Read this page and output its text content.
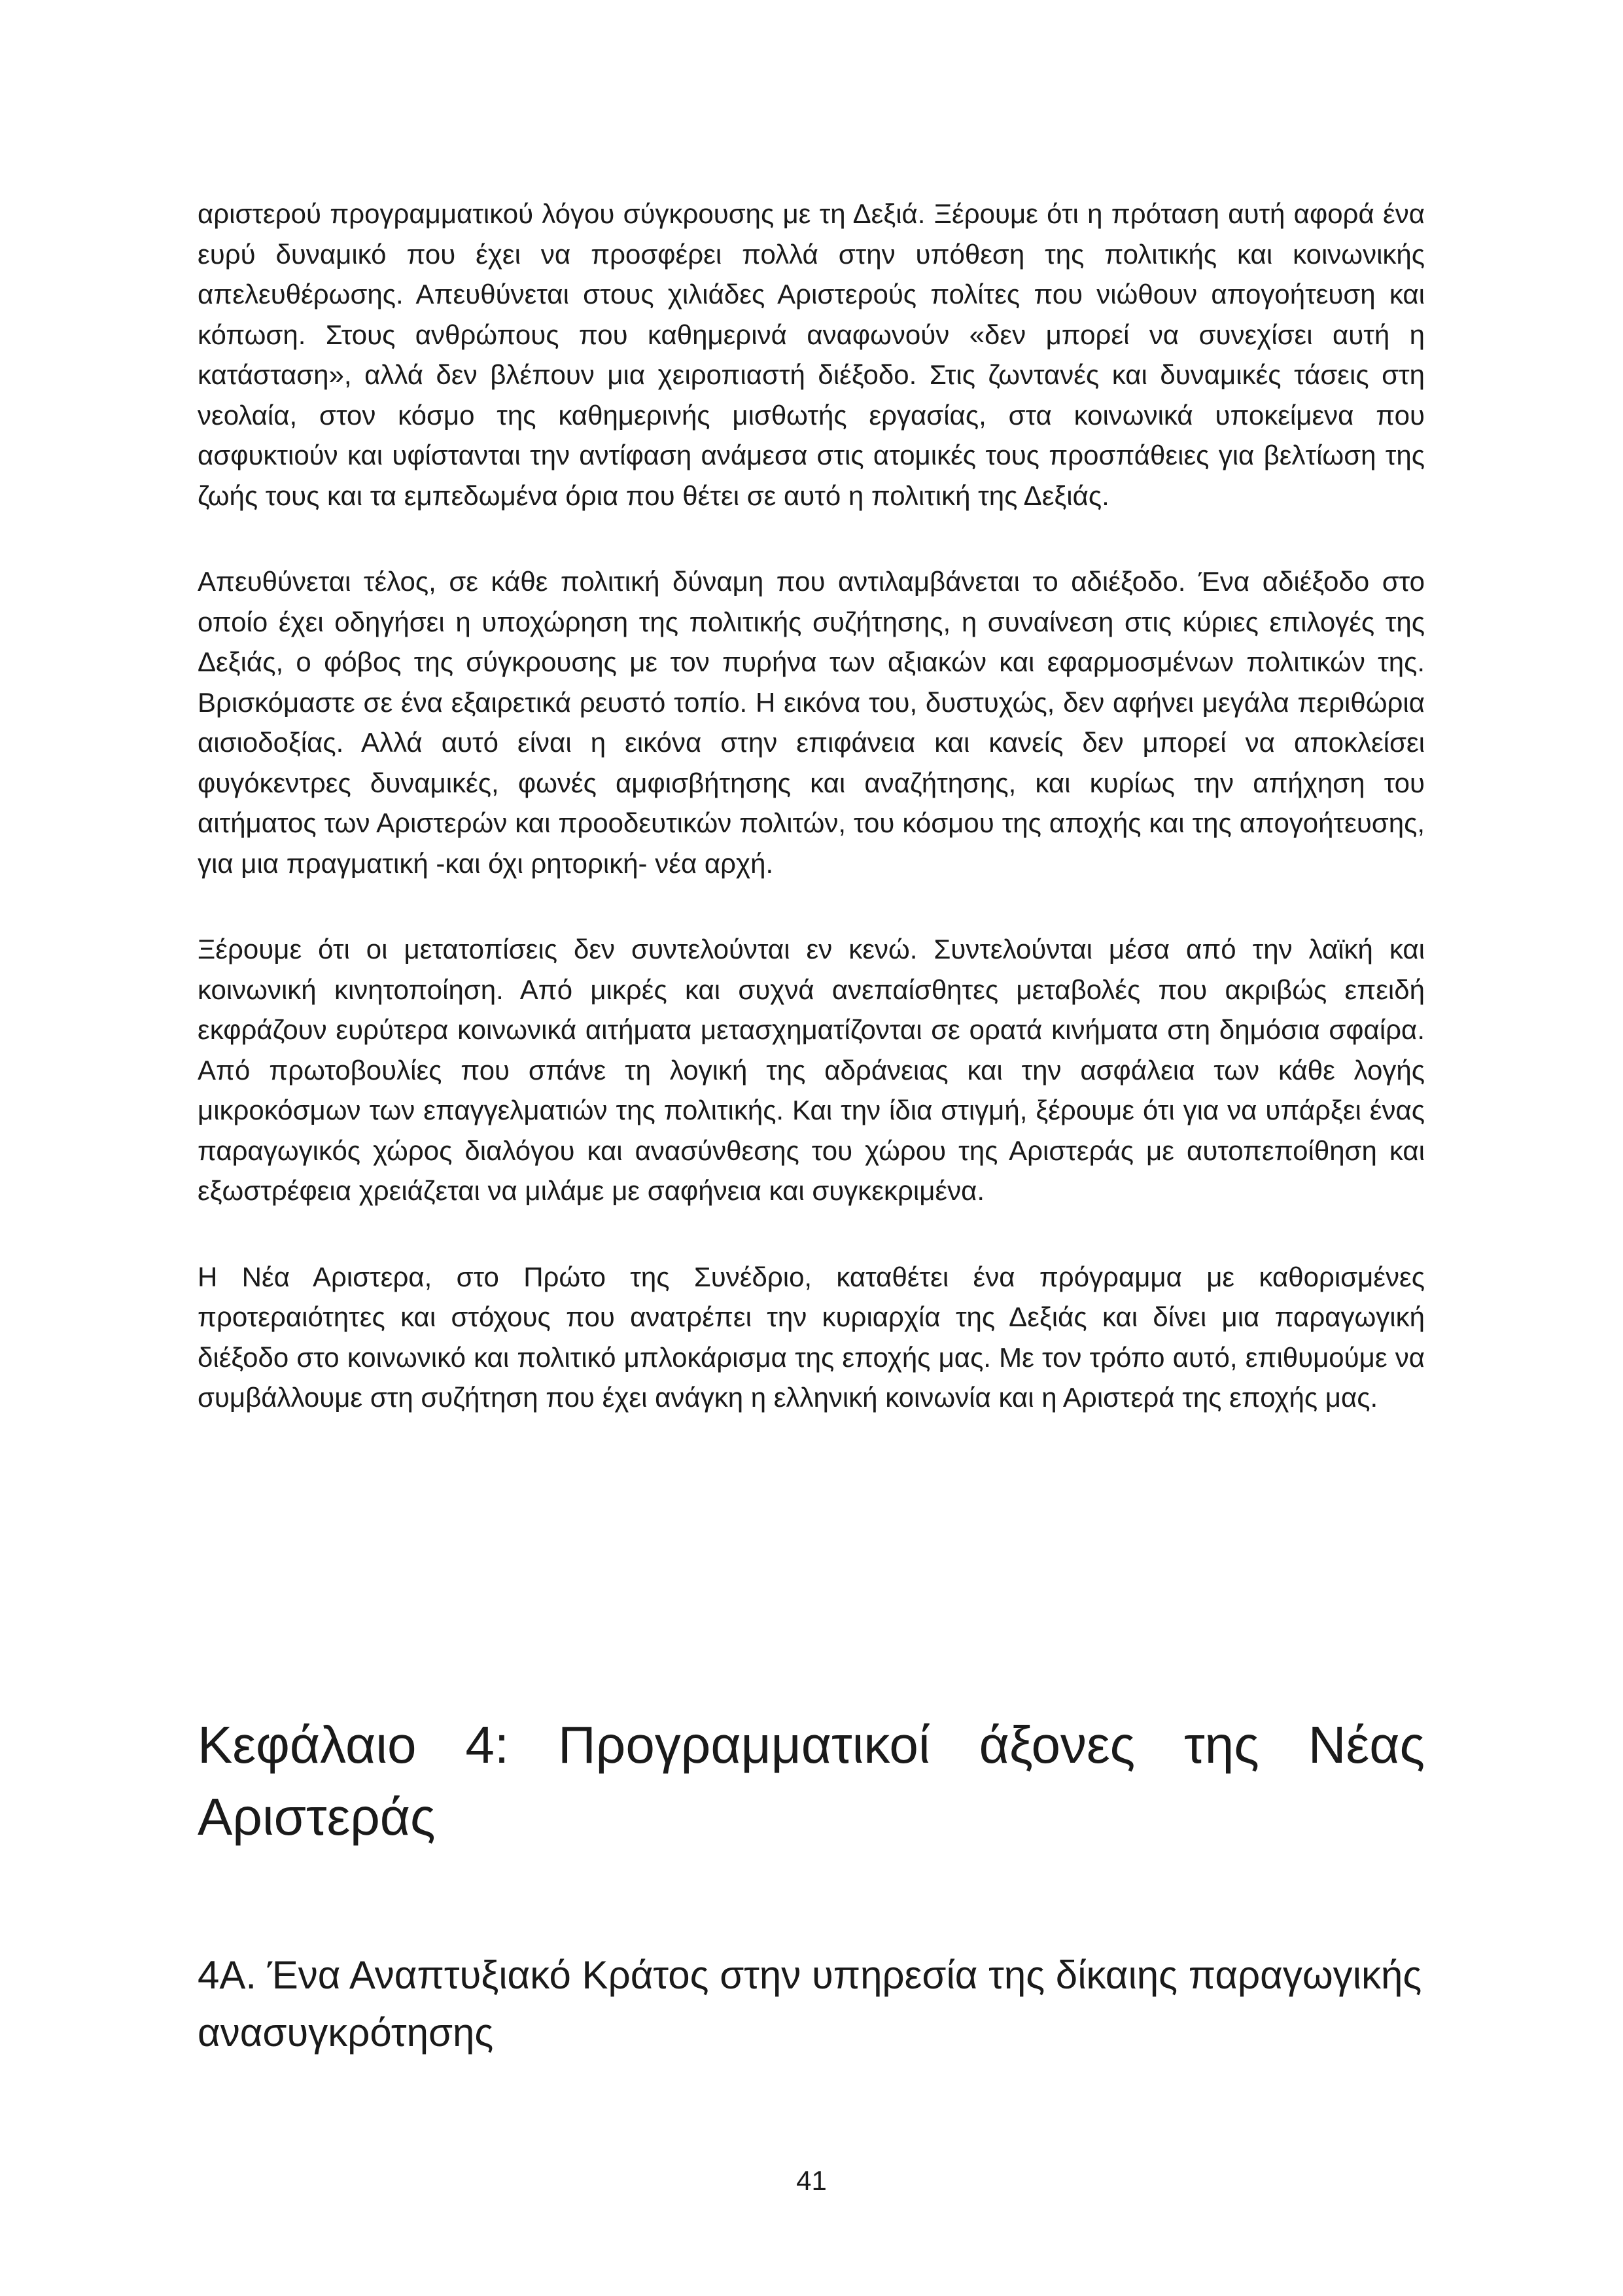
αριστερού προγραμματικού λόγου σύγκρουσης με τη Δεξιά. Ξέρουμε ότι η πρόταση αυτή αφορά ένα ευρύ δυναμικό που έχει να προσφέρει πολλά στην υπόθεση της πολιτικής και κοινωνικής απελευθέρωσης. Απευθύνεται στους χιλιάδες Αριστερούς πολίτες που νιώθουν απογοήτευση και κόπωση. Στους ανθρώπους που καθημερινά αναφωνούν «δεν μπορεί να συνεχίσει αυτή η κατάσταση», αλλά δεν βλέπουν μια χειροπιαστή διέξοδο. Στις ζωντανές και δυναμικές τάσεις στη νεολαία, στον κόσμο της καθημερινής μισθωτής εργασίας, στα κοινωνικά υποκείμενα που ασφυκτιούν και υφίστανται την αντίφαση ανάμεσα στις ατομικές τους προσπάθειες για βελτίωση της ζωής τους και τα εμπεδωμένα όρια που θέτει σε αυτό η πολιτική της Δεξιάς.

Απευθύνεται τέλος, σε κάθε πολιτική δύναμη που αντιλαμβάνεται το αδιέξοδο. Ένα αδιέξοδο στο οποίο έχει οδηγήσει η υποχώρηση της πολιτικής συζήτησης, η συναίνεση στις κύριες επιλογές της Δεξιάς, ο φόβος της σύγκρουσης με τον πυρήνα των αξιακών και εφαρμοσμένων πολιτικών της. Βρισκόμαστε σε ένα εξαιρετικά ρευστό τοπίο. Η εικόνα του, δυστυχώς, δεν αφήνει μεγάλα περιθώρια αισιοδοξίας. Αλλά αυτό είναι η εικόνα στην επιφάνεια και κανείς δεν μπορεί να αποκλείσει φυγόκεντρες δυναμικές, φωνές αμφισβήτησης και αναζήτησης, και κυρίως την απήχηση του αιτήματος των Αριστερών και προοδευτικών πολιτών, του κόσμου της αποχής και της απογοήτευσης, για μια πραγματική -και όχι ρητορική- νέα αρχή.

Ξέρουμε ότι οι μετατοπίσεις δεν συντελούνται εν κενώ. Συντελούνται μέσα από την λαϊκή και κοινωνική κινητοποίηση. Από μικρές και συχνά ανεπαίσθητες μεταβολές που ακριβώς επειδή εκφράζουν ευρύτερα κοινωνικά αιτήματα μετασχηματίζονται σε ορατά κινήματα στη δημόσια σφαίρα. Από πρωτοβουλίες που σπάνε τη λογική της αδράνειας και την ασφάλεια των κάθε λογής μικροκόσμων των επαγγελματιών της πολιτικής. Και την ίδια στιγμή, ξέρουμε ότι για να υπάρξει ένας παραγωγικός χώρος διαλόγου και ανασύνθεσης του χώρου της Αριστεράς με αυτοπεποίθηση και εξωστρέφεια χρειάζεται να μιλάμε με σαφήνεια και συγκεκριμένα.

Η Νέα Αριστερα, στο Πρώτο της Συνέδριο, καταθέτει ένα πρόγραμμα με καθορισμένες προτεραιότητες και στόχους που ανατρέπει την κυριαρχία της Δεξιάς και δίνει μια παραγωγική διέξοδο στο κοινωνικό και πολιτικό μπλοκάρισμα της εποχής μας. Με τον τρόπο αυτό, επιθυμούμε να συμβάλλουμε στη συζήτηση που έχει ανάγκη η ελληνική κοινωνία και η Αριστερά της εποχής μας.

Κεφάλαιο 4: Προγραμματικοί άξονες της Νέας Αριστεράς
4Α. Ένα Αναπτυξιακό Κράτος στην υπηρεσία της δίκαιης παραγωγικής ανασυγκρότησης
41
